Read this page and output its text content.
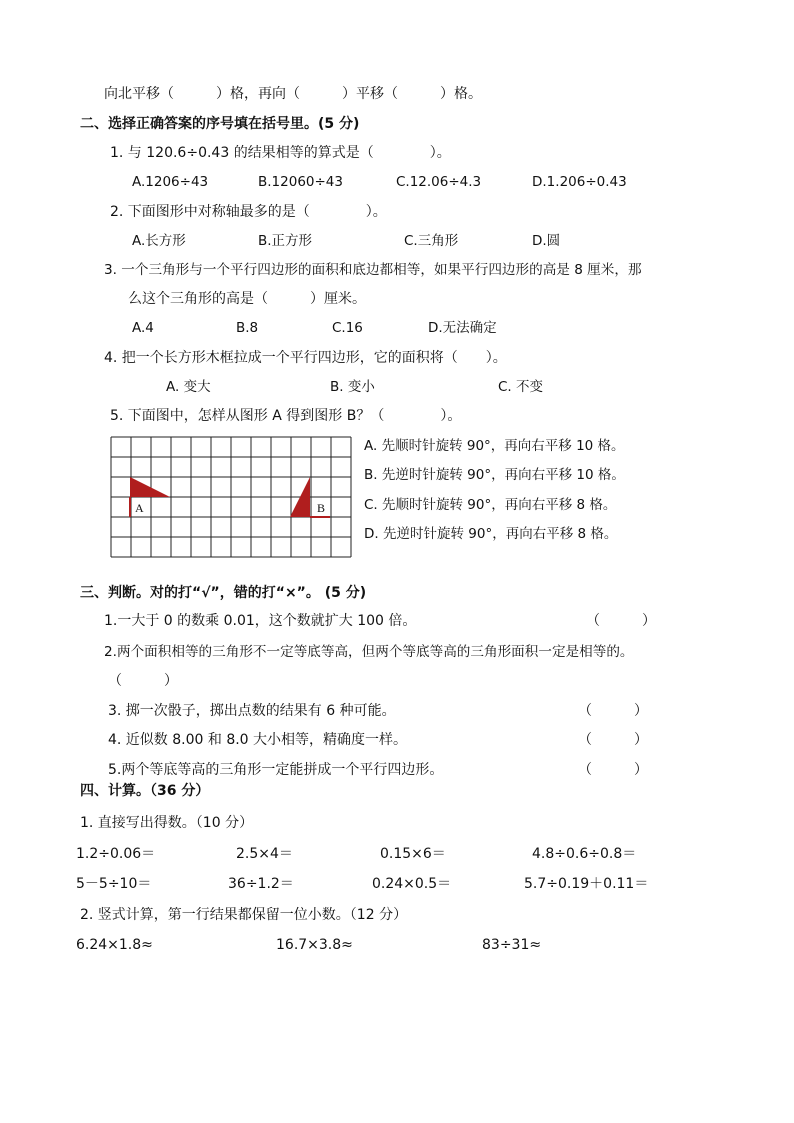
向北平移（　　　）格，再向（　　　）平移（　　　）格。
二、选择正确答案的序号填在括号里。(5 分)
1. 与 120.6÷0.43 的结果相等的算式是（　　　　）。
A.1206÷43	B.12060÷43	C.12.06÷4.3	D.1.206÷0.43
2. 下面图形中对称轴最多的是（　　　　）。
A.长方形	B.正方形	C.三角形	D.圆
3. 一个三角形与一个平行四边形的面积和底边都相等，如果平行四边形的高是 8 厘米，那
么这个三角形的高是（　　　）厘米。
A.4	B.8	C.16	D.无法确定
4. 把一个长方形木框拉成一个平行四边形，它的面积将（　　）。
A. 变大	B. 变小	C. 不变
5. 下面图中，怎样从图形 A 得到图形 B？（　　　　）。
A	B
A. 先顺时针旋转 90°，再向右平移 10 格。
B. 先逆时针旋转 90°，再向右平移 10 格。
C. 先顺时针旋转 90°，再向右平移 8 格。
D. 先逆时针旋转 90°，再向右平移 8 格。
三、判断。对的打“√”，错的打“×”。 (5 分)
1.一大于 0 的数乘 0.01，这个数就扩大 100 倍。	（　　　）
2.两个面积相等的三角形不一定等底等高，但两个等底等高的三角形面积一定是相等的。
（　　　）
3. 掷一次骰子，掷出点数的结果有 6 种可能。	（　　　）
4. 近似数 8.00 和 8.0 大小相等，精确度一样。	（　　　）
5.两个等底等高的三角形一定能拼成一个平行四边形。	（　　　）
四、计算。（36 分）
1. 直接写出得数。（10 分）
1.2÷0.06＝	2.5×4＝	0.15×6＝	4.8÷0.6÷0.8＝
5－5÷10＝	36÷1.2＝	0.24×0.5＝	5.7÷0.19＋0.11＝
2. 竖式计算，第一行结果都保留一位小数。（12 分）
6.24×1.8≈	16.7×3.8≈	83÷31≈
